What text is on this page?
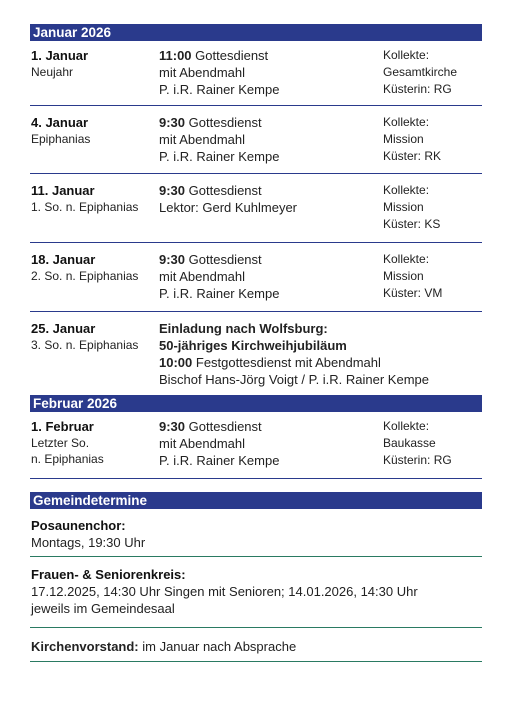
Januar 2026
1. Januar
Neujahr
11:00 Gottesdienst
mit Abendmahl
P. i.R. Rainer Kempe
Kollekte:
Gesamtkirche
Küsterin: RG
4. Januar
Epiphanias
9:30 Gottesdienst
mit Abendmahl
P. i.R. Rainer Kempe
Kollekte:
Mission
Küster: RK
11. Januar
1. So. n. Epiphanias
9:30 Gottesdienst
Lektor: Gerd Kuhlmeyer
Kollekte:
Mission
Küster: KS
18. Januar
2. So. n. Epiphanias
9:30 Gottesdienst
mit Abendmahl
P. i.R. Rainer Kempe
Kollekte:
Mission
Küster: VM
25. Januar
3. So. n. Epiphanias
Einladung nach Wolfsburg:
50-jähriges Kirchweihjubiläum
10:00 Festgottesdienst mit Abendmahl
Bischof Hans-Jörg Voigt / P. i.R. Rainer Kempe
Februar 2026
1. Februar
Letzter So.
n. Epiphanias
9:30 Gottesdienst
mit Abendmahl
P. i.R. Rainer Kempe
Kollekte:
Baukasse
Küsterin: RG
Gemeindetermine
Posaunenchor:
Montags, 19:30 Uhr
Frauen- & Seniorenkreis:
17.12.2025, 14:30 Uhr Singen mit Senioren; 14.01.2026, 14:30 Uhr
jeweils im Gemeindesaal
Kirchenvorstand: im Januar nach Absprache
